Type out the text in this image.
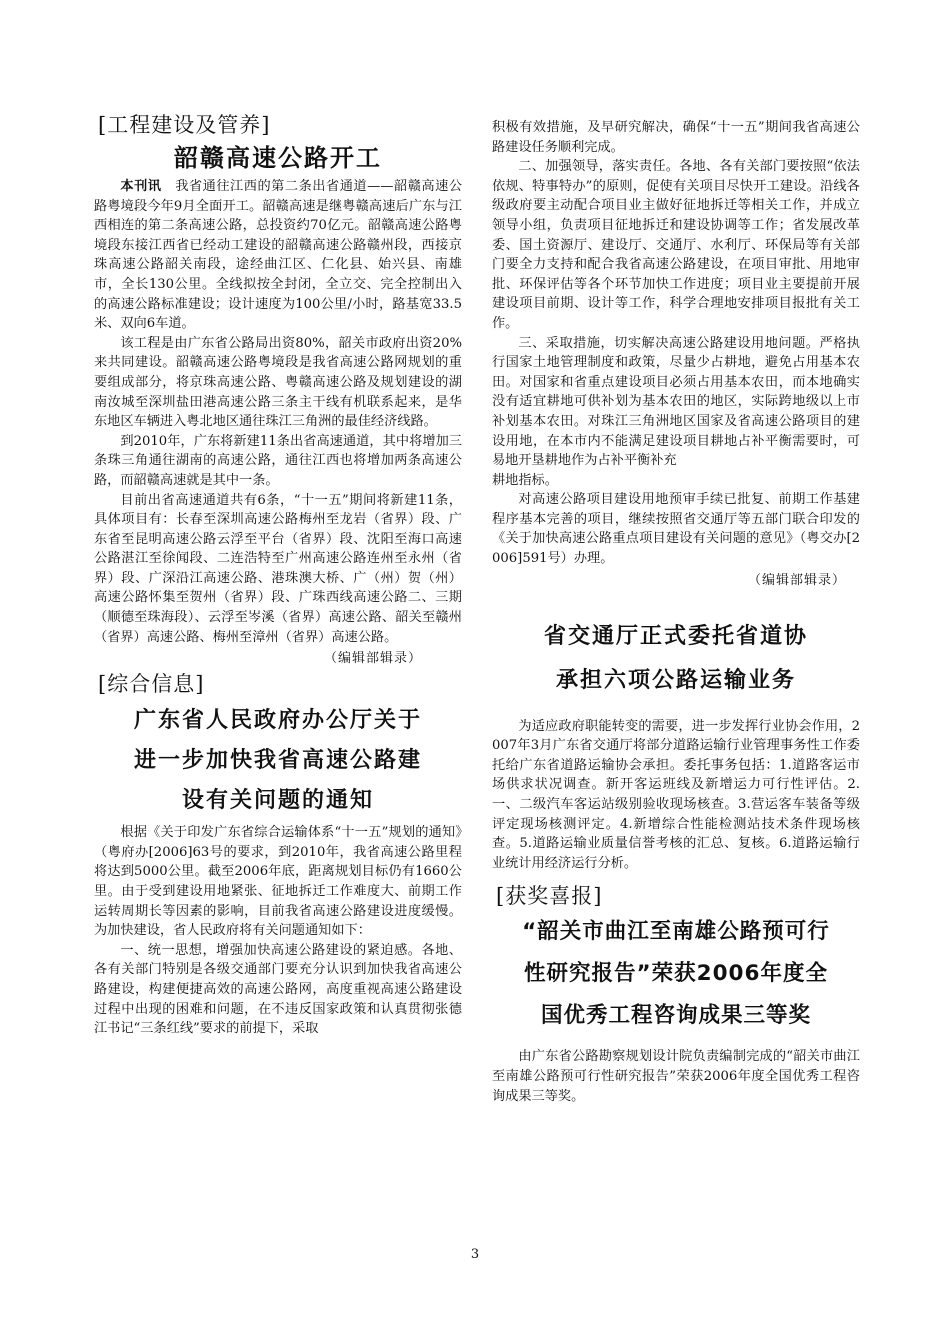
[工程建设及管养]
韶赣高速公路开工

本刊讯　 我省通往江西的第二条出省通道——韶赣高速公路粤境段今年9月全面开工。韶赣高速是继粤赣高速后广东与江西相连的第二条高速公路，总投资约70亿元。韶赣高速公路粤境段东接江西省已经动工建设的韶赣高速公路赣州段，西接京珠高速公路韶关南段，途经曲江区、仁化县、始兴县、南雄市，全长130公里。全线拟按全封闭，全立交、完全控制出入的高速公路标准建设；设计速度为100公里/小时，路基宽33.5米、双向6车道。

该工程是由广东省公路局出资80%，韶关市政府出资20%来共同建设。韶赣高速公路粤境段是我省高速公路网规划的重要组成部分，将京珠高速公路、粤赣高速公路及规划建设的湖南汝城至深圳盐田港高速公路三条主干线有机联系起来，是华东地区车辆进入粤北地区通往珠江三角洲的最佳经济线路。

到2010年，广东将新建11条出省高速通道，其中将增加三条珠三角通往湖南的高速公路，通往江西也将增加两条高速公路，而韶赣高速就是其中一条。

目前出省高速通道共有6条，“十一五”期间将新建11条，具体项目有：长春至深圳高速公路梅州至龙岩（省界）段、广东省至昆明高速公路云浮至平台（省界）段、沈阳至海口高速公路湛江至徐闻段、二连浩特至广州高速公路连州至永州（省界）段、广深沿江高速公路、港珠澳大桥、广（州）贺（州）高速公路怀集至贺州（省界）段、广珠西线高速公路二、三期（顺德至珠海段）、云浮至岑溪（省界）高速公路、韶关至赣州（省界）高速公路、梅州至漳州（省界）高速公路。

（编辑部辑录）
[综合信息]
广东省人民政府办公厅关于
进一步加快我省高速公路建
设有关问题的通知

根据《关于印发广东省综合运输体系“十一五”规划的通知》（粤府办[2006]63号的要求，到2010年，我省高速公路里程将达到5000公里。截至2006年底，距离规划目标仍有1660公里。由于受到建设用地紧张、征地拆迁工作难度大、前期工作运转周期长等因素的影响，目前我省高速公路建设进度缓慢。为加快建设，省人民政府将有关问题通知如下：

一、统一思想，增强加快高速公路建设的紧迫感。各地、各有关部门特别是各级交通部门要充分认识到加快我省高速公路建设，构建便捷高效的高速公路网，高度重视高速公路建设过程中出现的困难和问题，在不违反国家政策和认真贯彻张德江书记“三条红线”要求的前提下，采取

积极有效措施，及早研究解决，确保“十一五”期间我省高速公路建设任务顺利完成。

二、加强领导，落实责任。各地、各有关部门要按照“依法依规、特事特办”的原则，促使有关项目尽快开工建设。沿线各级政府要主动配合项目业主做好征地拆迁等相关工作，并成立领导小组，负责项目征地拆迁和建设协调等工作；省发展改革委、国土资源厅、建设厅、交通厅、水利厅、环保局等有关部门要全力支持和配合我省高速公路建设，在项目审批、用地审批、环保评估等各个环节加快工作进度；项目业主要提前开展建设项目前期、设计等工作，科学合理地安排项目报批有关工作。

三、采取措施，切实解决高速公路建设用地问题。严格执行国家土地管理制度和政策，尽量少占耕地，避免占用基本农田。对国家和省重点建设项目必须占用基本农田，而本地确实没有适宜耕地可供补划为基本农田的地区，实际跨地级以上市补划基本农田。对珠江三角洲地区国家及省高速公路项目的建设用地，在本市内不能满足建设项目耕地占补平衡需要时，可易地开垦耕地作为占补平衡补充

耕地指标。

对高速公路项目建设用地预审手续已批复、前期工作基建程序基本完善的项目，继续按照省交通厅等五部门联合印发的《关于加快高速公路重点项目建设有关问题的意见》（粤交办[2006]591号）办理。

（编辑部辑录）
省交通厅正式委托省道协
承担六项公路运输业务

为适应政府职能转变的需要，进一步发挥行业协会作用，2007年3月广东省交通厅将部分道路运输行业管理事务性工作委托给广东省道路运输协会承担。委托事务包括：1.道路客运市场供求状况调查。新开客运班线及新增运力可行性评估。2.一、二级汽车客运站级别验收现场核查。3.营运客车装备等级评定现场核测评定。4.新增综合性能检测站技术条件现场核查。5.道路运输业质量信誉考核的汇总、复核。6.道路运输行业统计用经济运行分析。

[获奖喜报]
“韶关市曲江至南雄公路预可行
性研究报告”荣获2006年度全
国优秀工程咨询成果三等奖

由广东省公路勘察规划设计院负责编制完成的“韶关市曲江至南雄公路预可行性研究报告”荣获2006年度全国优秀工程咨询成果三等奖。

3
